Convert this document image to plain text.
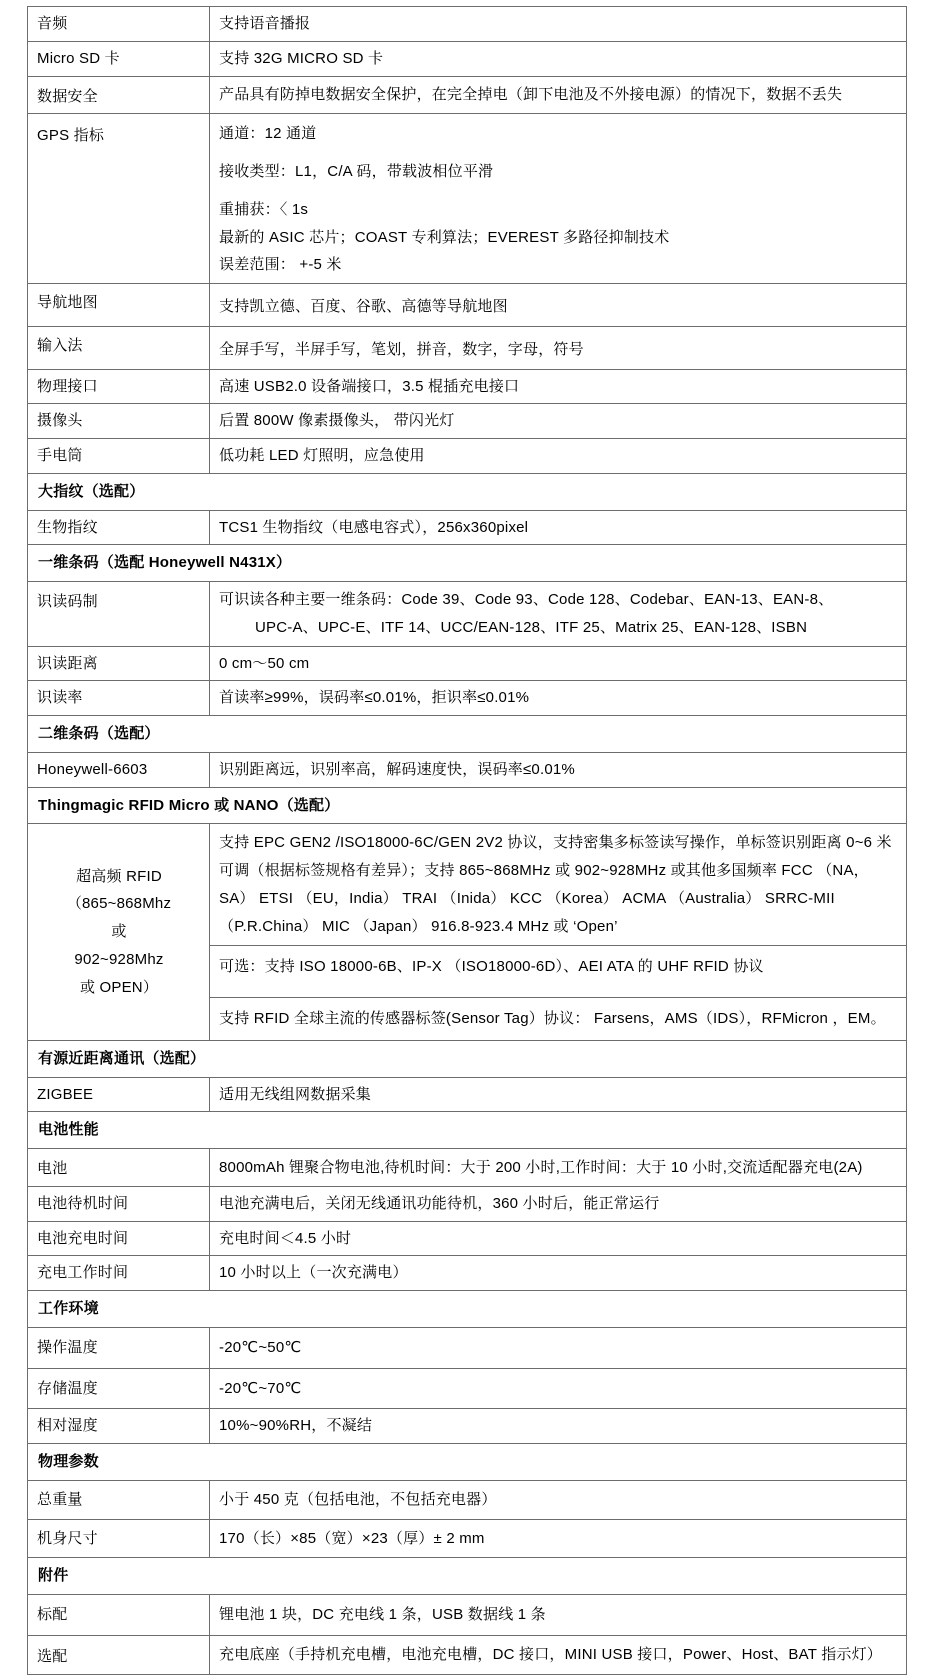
音频	支持语音播报
Micro SD 卡	支持 32G MICRO SD 卡
数据安全	产品具有防掉电数据安全保护，在完全掉电（卸下电池及不外接电源）的情况下，数据不丢失
GPS 指标	通道：12 通道
接收类型：L1，C/A 码，带载波相位平滑
重捕获：〈 1s
最新的 ASIC 芯片；COAST 专利算法；EVEREST 多路径抑制技术
误差范围： +-5 米

导航地图	支持凯立德、百度、谷歌、高德等导航地图
输入法	全屏手写，半屏手写，笔划，拼音，数字，字母，符号
物理接口	高速 USB2.0 设备端接口，3.5 棍插充电接口
摄像头	后置 800W 像素摄像头， 带闪光灯
手电筒	低功耗 LED 灯照明，应急使用
大指纹（选配）	
生物指纹	TCS1 生物指纹（电感电容式），256x360pixel
一维条码（选配 Honeywell N431X）	
识读码制	可识读各种主要一维条码：Code 39、Code 93、Code 128、Codebar、EAN-13、EAN-8、
UPC-A、UPC-E、ITF 14、UCC/EAN-128、ITF 25、Matrix 25、EAN-128、ISBN

识读距离	0 cm～50 cm
识读率	首读率≥99%，误码率≤0.01%，拒识率≤0.01%
二维条码（选配）	
Honeywell-6603	识别距离远，识别率高，解码速度快，误码率≤0.01%
Thingmagic RFID Micro 或 NANO（选配）	

超高频 RFID
（865~868Mhz
或
902~928Mhz
或 OPEN）
	支持 EPC GEN2 /ISO18000-6C/GEN 2V2 协议，支持密集多标签读写操作，单标签识别距离 0~6 米可调（根据标签规格有差异）；支持 865~868MHz 或 902~928MHz 或其他多国频率 FCC （NA，SA） ETSI （EU，India） TRAI （Inida） KCC （Korea） ACMA （Australia） SRRC-MII （P.R.China） MIC （Japan） 916.8-923.4 MHz 或 ‘Open’
	可选：支持 ISO 18000-6B、IP-X （ISO18000-6D）、AEI ATA 的 UHF RFID 协议
	支持 RFID 全球主流的传感器标签(Sensor Tag）协议： Farsens，AMS（IDS），RFMicron ，EM。
有源近距离通讯（选配）	
ZIGBEE	适用无线组网数据采集
电池性能	
电池	8000mAh 锂聚合物电池,待机时间：大于 200 小时,工作时间：大于 10 小时,交流适配器充电(2A)
电池待机时间	电池充满电后，关闭无线通讯功能待机，360 小时后，能正常运行
电池充电时间	充电时间＜4.5 小时
充电工作时间	10 小时以上（一次充满电）
工作环境	
操作温度	-20℃~50℃
存储温度	-20℃~70℃
相对湿度	10%~90%RH，不凝结
物理参数	
总重量	小于 450 克（包括电池，不包括充电器）
机身尺寸	170（长）×85（宽）×23（厚）± 2 mm
附件	
标配	锂电池 1 块，DC 充电线 1 条，USB 数据线 1 条
选配	充电底座（手持机充电槽，电池充电槽，DC 接口，MINI USB 接口，Power、Host、BAT 指示灯）
